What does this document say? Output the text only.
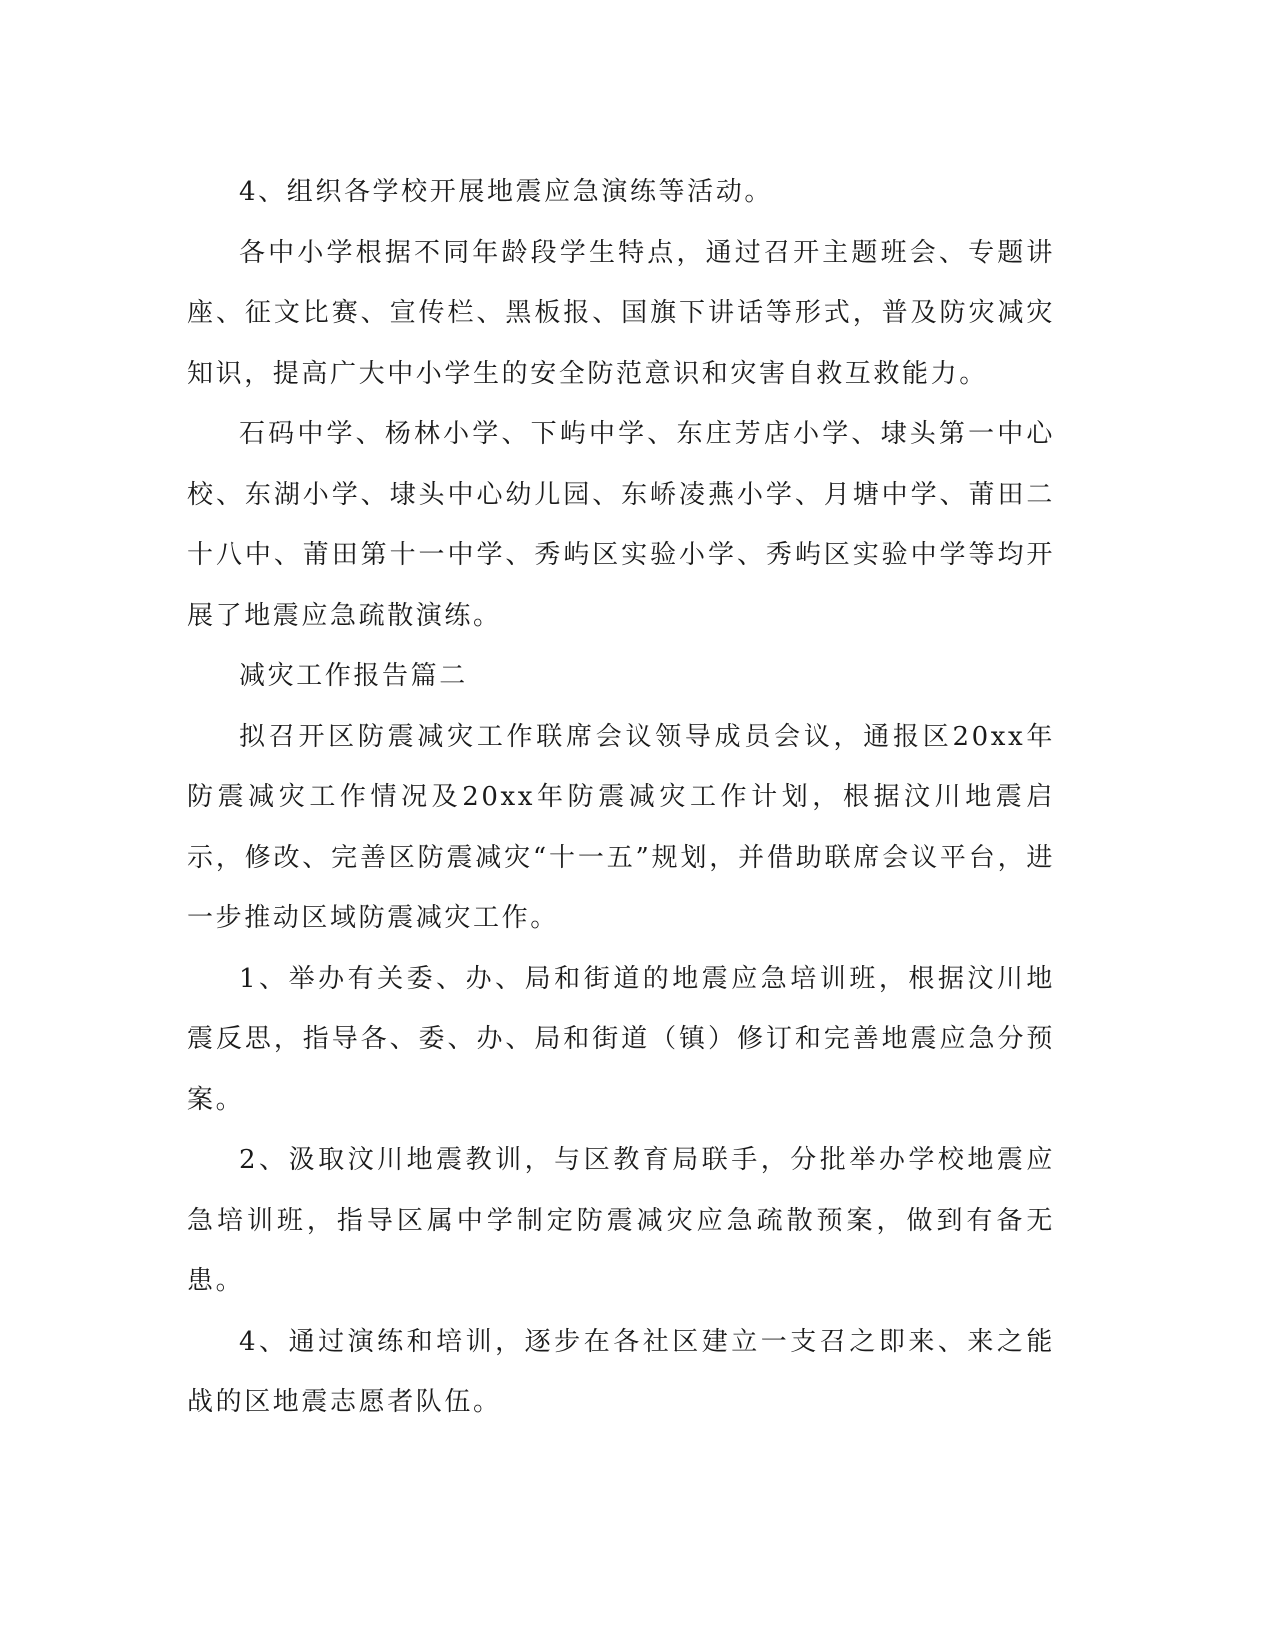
4、组织各学校开展地震应急演练等活动。

各中小学根据不同年龄段学生特点，通过召开主题班会、专题讲座、征文比赛、宣传栏、黑板报、国旗下讲话等形式，普及防灾减灾知识，提高广大中小学生的安全防范意识和灾害自救互救能力。

石码中学、杨林小学、下屿中学、东庄芳店小学、埭头第一中心校、东湖小学、埭头中心幼儿园、东峤凌燕小学、月塘中学、莆田二十八中、莆田第十一中学、秀屿区实验小学、秀屿区实验中学等均开展了地震应急疏散演练。

减灾工作报告篇二

拟召开区防震减灾工作联席会议领导成员会议，通报区20xx年防震减灾工作情况及20xx年防震减灾工作计划，根据汶川地震启示，修改、完善区防震减灾“十一五”规划，并借助联席会议平台，进一步推动区域防震减灾工作。

1、举办有关委、办、局和街道的地震应急培训班，根据汶川地震反思，指导各、委、办、局和街道（镇）修订和完善地震应急分预案。

2、汲取汶川地震教训，与区教育局联手，分批举办学校地震应急培训班，指导区属中学制定防震减灾应急疏散预案，做到有备无患。

4、通过演练和培训，逐步在各社区建立一支召之即来、来之能战的区地震志愿者队伍。
